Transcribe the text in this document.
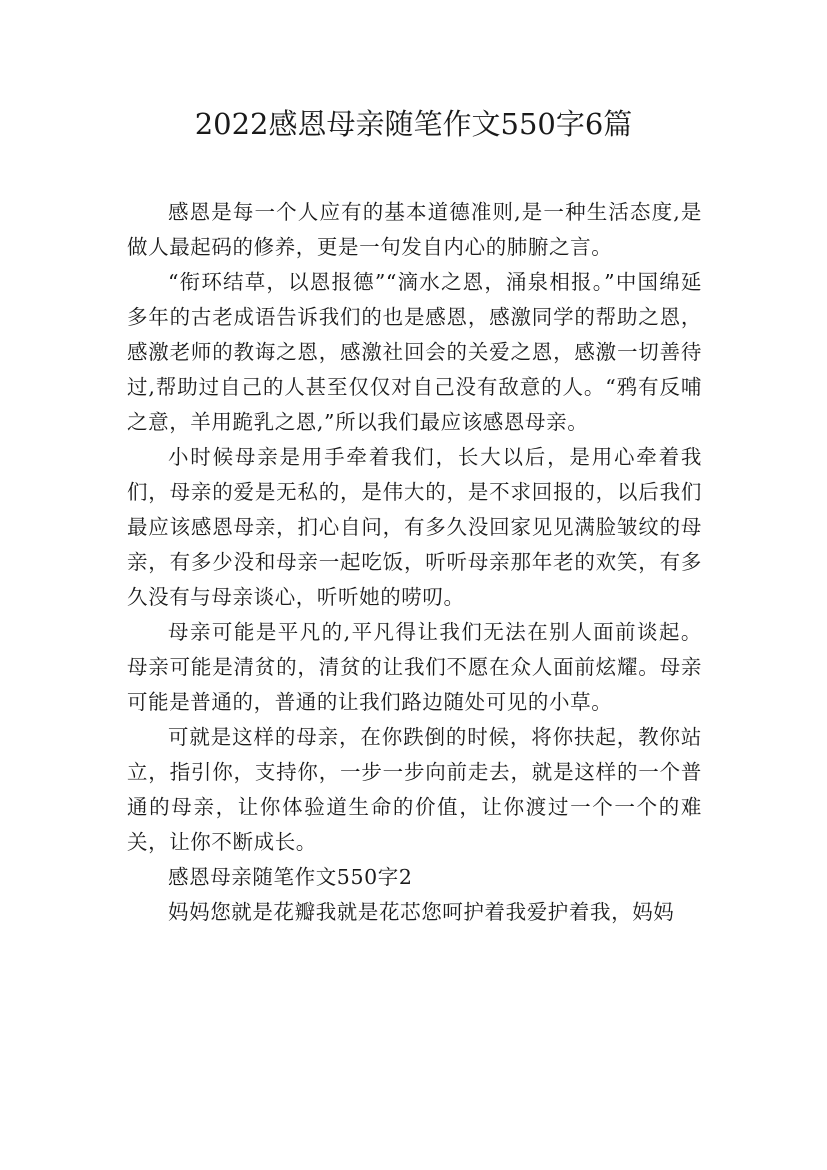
2022感恩母亲随笔作文550字6篇

感恩是每一个人应有的基本道德准则,是一种生活态度,是做人最起码的修养，更是一句发自内心的肺腑之言。

“衔环结草，以恩报德”“滴水之恩，涌泉相报。”中国绵延多年的古老成语告诉我们的也是感恩，感激同学的帮助之恩，感激老师的教诲之恩，感激社回会的关爱之恩，感激一切善待过,帮助过自己的人甚至仅仅对自己没有敌意的人。“鸦有反哺之意，羊用跪乳之恩,”所以我们最应该感恩母亲。

小时候母亲是用手牵着我们，长大以后，是用心牵着我们，母亲的爱是无私的，是伟大的，是不求回报的，以后我们最应该感恩母亲，扪心自问，有多久没回家见见满脸皱纹的母亲，有多少没和母亲一起吃饭，听听母亲那年老的欢笑，有多久没有与母亲谈心，听听她的唠叨。

母亲可能是平凡的,平凡得让我们无法在别人面前谈起。母亲可能是清贫的，清贫的让我们不愿在众人面前炫耀。母亲可能是普通的，普通的让我们路边随处可见的小草。

可就是这样的母亲，在你跌倒的时候，将你扶起，教你站立，指引你，支持你，一步一步向前走去，就是这样的一个普通的母亲，让你体验道生命的价值，让你渡过一个一个的难关，让你不断成长。

感恩母亲随笔作文550字2

妈妈您就是花瓣我就是花芯您呵护着我爱护着我，妈妈
